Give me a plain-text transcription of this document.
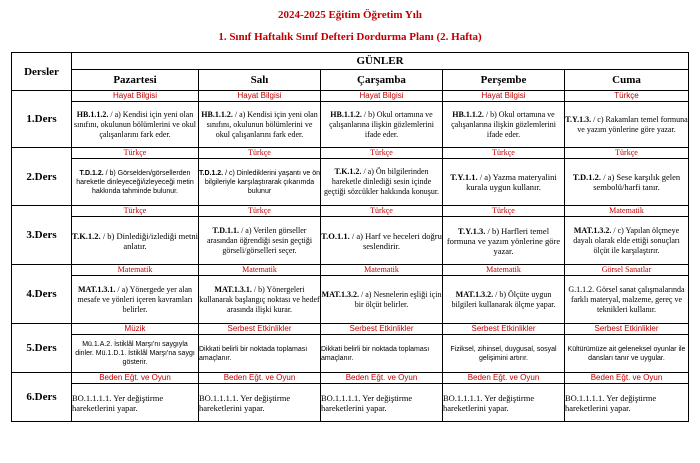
2024-2025 Eğitim Öğretim Yılı
1. Sınıf Haftalık Sınıf Defteri Dordurma Planı (2. Hafta)
Dersler	GÜNLER				
	Pazartesi	Salı	Çarşamba	Perşembe	Cuma
1.Ders	Hayat Bilgisi	Hayat Bilgisi	Hayat Bilgisi	Hayat Bilgisi	Türkçe
	HB.1.1.2. / a) Kendisi için yeni olan sınıfını, okulunun bölümlerini ve okul çalışanlarını fark eder.	HB.1.1.2. / a) Kendisi için yeni olan sınıfını, okulunun bölümlerini ve okul çalışanlarını fark eder.	HB.1.1.2. / b) Okul ortamına ve çalışanlarına ilişkin gözlemlerini ifade eder.	HB.1.1.2. / b) Okul ortamına ve çalışanlarına ilişkin gözlemlerini ifade eder.	T.Y.1.3. / c) Rakamları temel formuna ve yazım yönlerine göre yazar.
2.Ders	Türkçe	Türkçe	Türkçe	Türkçe	Türkçe
	T.D.1.2. / b) Görselden/görsellerden hareketle dinleyeceği/izleyeceği metin hakkında tahminde bulunur.	T.D.1.2. / c) Dinlediklerini yaşantı ve ön bilgileriyle karşılaştırarak çıkarımda bulunur	T.K.1.2. / a) Ön bilgilerinden hareketle dinlediği sesin içinde geçtiği sözcükler hakkında konuşur.	T.Y.1.1. / a) Yazma materyalini kurala uygun kullanır.	T.D.1.2. / a) Sese karşılık gelen sembolü/harfi tanır.
3.Ders	Türkçe	Türkçe	Türkçe	Türkçe	Matematik
	T.K.1.2. / b) Dinlediği/izlediği metni anlatır.	T.D.1.1. / a) Verilen görseller arasından öğrendiği sesin geçtiği görseli/görselleri seçer.	T.O.1.1. / a) Harf ve heceleri doğru seslendirir.	T.Y.1.3. / b) Harfleri temel formuna ve yazım yönlerine göre yazar.	MAT.1.3.2. / c) Yapılan ölçmeye dayalı olarak elde ettiği sonuçları ölçüt ile karşılaştırır.
4.Ders	Matematik	Matematik	Matematik	Matematik	Görsel Sanatlar
	MAT.1.3.1. / a) Yönergede yer alan mesafe ve yönleri içeren kavramları belirler.	MAT.1.3.1. / b) Yönergeleri kullanarak başlangıç noktası ve hedef arasında ilişki kurar.	MAT.1.3.2. / a) Nesnelerin eşliği için bir ölçüt belirler.	MAT.1.3.2. / b) Ölçüte uygun bilgileri kullanarak ölçme yapar.	G.1.1.2. Görsel sanat çalışmalarında farklı materyal, malzeme, gereç ve teknikleri kullanır.
5.Ders	Müzik	Serbest Etkinlikler	Serbest Etkinlikler	Serbest Etkinlikler	Serbest Etkinlikler
	Mü.1.A.2. İstiklâl Marşı'nı saygıyla dinler. Mü.1.D.1. İstiklâl Marşı'na saygı gösterir.	Dikkati belirli bir noktada toplaması amaçlanır.	Dikkati belirli bir noktada toplaması amaçlanır.	Fiziksel, zihinsel, duygusal, sosyal gelişimini artırır.	Kültürümüze ait geleneksel oyunlar ile dansları tanır ve uygular.
6.Ders	Beden Eğt. ve Oyun	Beden Eğt. ve Oyun	Beden Eğt. ve Oyun	Beden Eğt. ve Oyun	Beden Eğt. ve Oyun
	BO.1.1.1.1. Yer değiştirme hareketlerini yapar.	BO.1.1.1.1. Yer değiştirme hareketlerini yapar.	BO.1.1.1.1. Yer değiştirme hareketlerini yapar.	BO.1.1.1.1. Yer değiştirme hareketlerini yapar.	BO.1.1.1.1. Yer değiştirme hareketlerini yapar.
